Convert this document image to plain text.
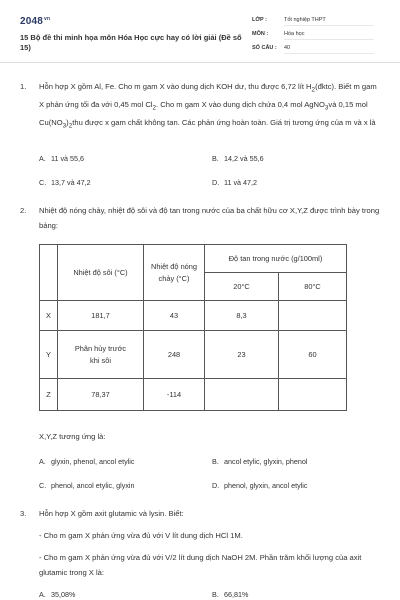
$2048^{vn}$
15 Bộ đề thi minh họa môn Hóa Học cực hay có lời giải (Đề số 15)
LỚP :	Tốt nghiệp THPT
MÔN :	Hóa học
SỐ CÂU : 40
1.	Hỗn hợp X gồm Al, Fe. Cho m gam X vào dung dịch KOH dư, thu được 6,72 lít $H_2(đktc)$. Biết m gam X phản ứng tối đa với 0,45 mol $Cl_2$. Cho m gam X vào dung dịch chứa 0,4 mol AgNO$_3$và 0,15 mol $Cu(NO_3)_2thu$ được x gam chất không tan. Các phản ứng hoàn toàn. Giá trị tương ứng của m và x là
A. 11 và 55,6	B. 14,2 và 55,6
C. 13,7 và 47,2	D. 11 và 47,2
2.	Nhiệt độ nóng chảy, nhiệt độ sôi và độ tan trong nước của ba chất hữu cơ X,Y,Z được trình bày trong bảng:
	Nhiệt độ sôi (°C)	Nhiệt độ nóng chảy (°C)	Độ tan trong nước (g/100ml)	
			20°C	80°C
X	181,7	43	8,3	
Y	Phân hủy trước khi sôi	248	23	60
Z	78,37	-114		
X,Y,Z tương ứng là:
A. glyxin, phenol, ancol etylic	B. ancol etylic, glyxin, phenol
C. phenol, ancol etylic, glyxin	D. phenol, glyxin, ancol etylic
3.	Hỗn hợp X gồm axit glutamic và lysin. Biết:
- Cho m gam X phản ứng vừa đủ với V lít dung dịch HCl 1M.
- Cho m gam X phản ứng vừa đủ với V/2 lít dung dịch NaOH 2M. Phần trăm khối lượng của axit glutamic trong X là:
A. 35,08%	B. 66,81%
